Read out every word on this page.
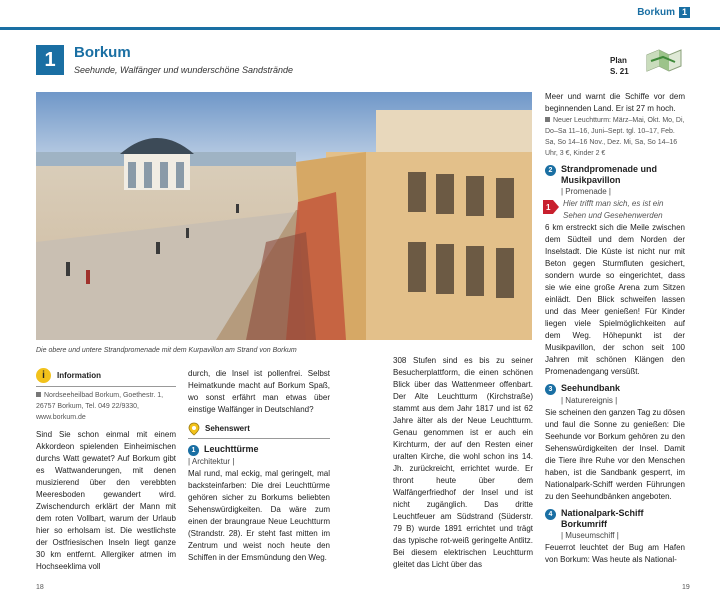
Borkum 1
1	Borkum
Seehunde, Walfänger und wunderschöne Sandstrände
Plan
S. 21
Die obere und untere Strandpromenade mit dem Kurpavillon am Strand von Borkum
i	Information
Nordseeheilbad Borkum, Goethestr. 1,
26757 Borkum, Tel. 049 22/9330,
www.borkum.de

Sind Sie schon einmal mit einem Akkordeon spielenden Einheimischen durchs Watt gewatet? Auf Borkum gibt es Wattwanderungen, mit denen musizierend über den verebbten Meeresboden gewandert wird. Zwischendurch erklärt der Mann mit dem roten Vollbart, warum der Urlaub hier so erholsam ist. Die westlichste der Ostfriesischen Inseln liegt ganze 30 km entfernt. Allergiker atmen im Hochseeklima voll

durch, die Insel ist pollenfrei. Selbst Heimatkunde macht auf Borkum Spaß, wo sonst erfährt man etwas über einstige Walfänger in Deutschland?

Sehenswert
1 Leuchttürme
| Architektur |

Mal rund, mal eckig, mal geringelt, mal backsteinfarben: Die drei Leuchttürme gehören sicher zu Borkums beliebten Sehenswürdigkeiten. Da wäre zum einen der braungraue Neue Leuchtturm (Strandstr. 28). Er steht fast mitten im Zentrum und weist noch heute den Schiffen in der Emsmündung den Weg.

308 Stufen sind es bis zu seiner Besucherplattform, die einen schönen Blick über das Wattenmeer offenbart. Der Alte Leuchtturm (Kirchstraße) stammt aus dem Jahr 1817 und ist 62 Jahre älter als der Neue Leuchtturm. Genau genommen ist er auch ein Kirchturm, der auf den Resten einer uralten Kirche, die wohl schon ins 14. Jh. zurückreicht, errichtet wurde. Er thront heute über dem Walfängerfriedhof der Insel und ist nicht zugänglich. Das dritte Leuchtfeuer am Südstrand (Süderstr. 79 B) wurde 1891 errichtet und trägt das typische rot-weiß geringelte Antlitz. Bei diesem elektrischen Leuchtturm gleitet das Licht über das

Meer und warnt die Schiffe vor dem beginnenden Land. Er ist 27 m hoch.

Neuer Leuchtturm: März–Mai, Okt. Mo, Di, Do–Sa 11–16, Juni–Sept. tgl. 10–17, Feb. Sa, So 14–16 Nov., Dez. Mi, Sa, So 14–16 Uhr, 3 €, Kinder 2 €
2 Strandpromenade und Musikpavillon
| Promenade |
1 Hier trifft man sich, es ist ein Sehen und Gesehenwerden

6 km erstreckt sich die Meile zwischen dem Südteil und dem Norden der Inselstadt. Die Küste ist nicht nur mit Beton gegen Sturmfluten gesichert, sondern wurde so eingerichtet, dass sie wie eine große Arena zum Sitzen einlädt. Den Blick schweifen lassen und das Meer genießen! Für Kinder liegen viele Spielmöglichkeiten auf dem Weg. Höhepunkt ist der Musikpavillon, der schon seit 100 Jahren mit schönen Klängen den Promenadengang versüßt.

3 Seehundbank
| Naturereignis |

Sie scheinen den ganzen Tag zu dösen und faul die Sonne zu genießen: Die Seehunde vor Borkum gehören zu den Sehenswürdigkeiten der Insel. Damit die Tiere ihre Ruhe vor den Menschen haben, ist die Sandbank gesperrt, im Nationalpark-Schiff werden Führungen zu den Seehundbänken angeboten.

4 Nationalpark-Schiff Borkumriff
| Museumschiff |

Feuerrot leuchtet der Bug am Hafen von Borkum: Was heute als National-

18	19
